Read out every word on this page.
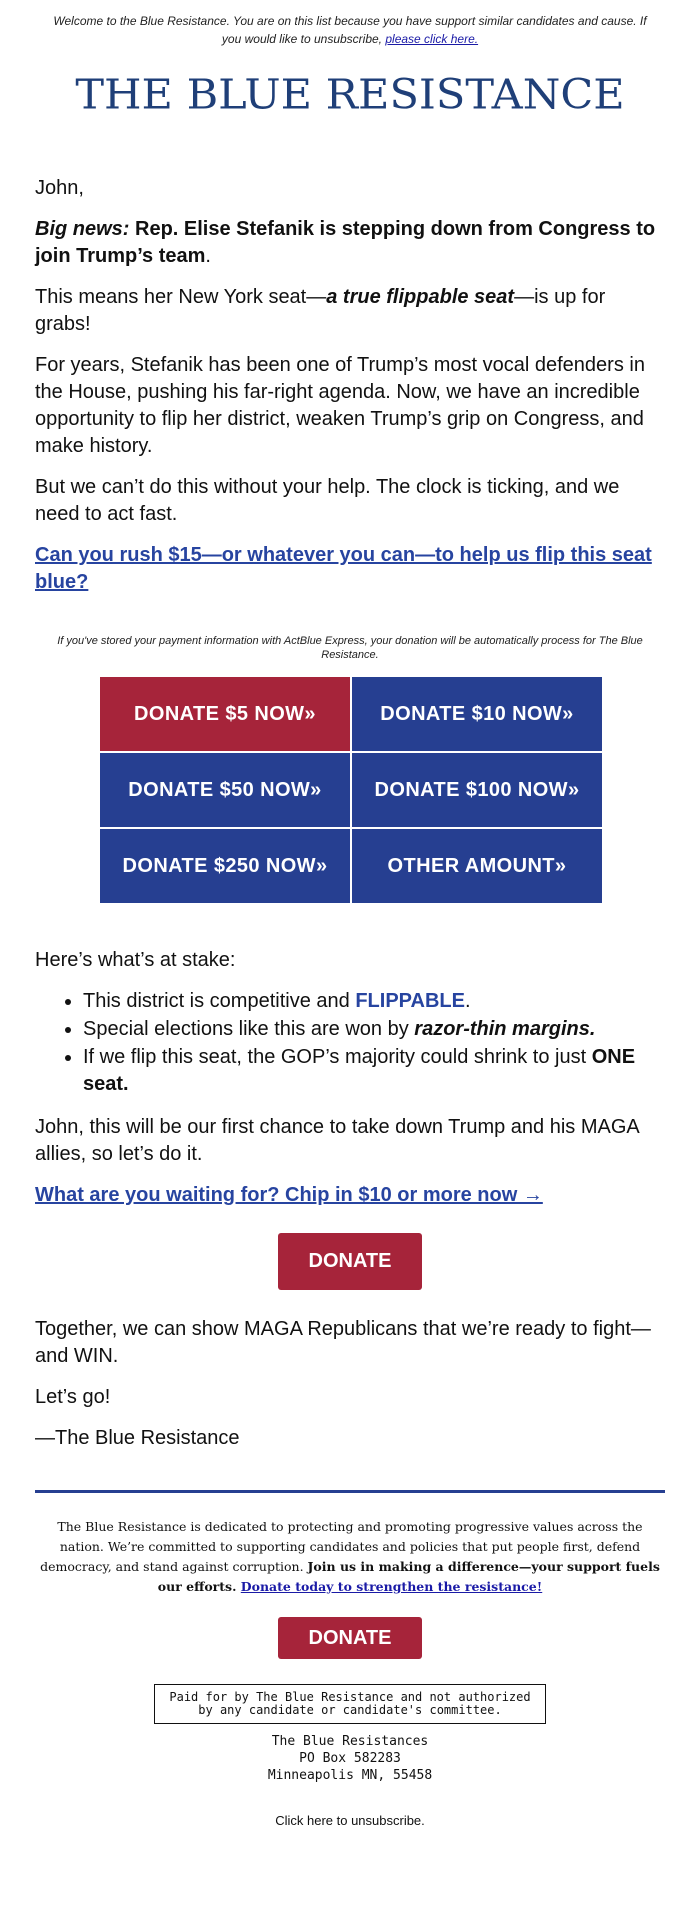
Welcome to the Blue Resistance. You are on this list because you have support similar candidates and cause. If you would like to unsubscribe, please click here.
THE BLUE RESISTANCE

John,

Big news: Rep. Elise Stefanik is stepping down from Congress to join Trump’s team.

This means her New York seat—a true flippable seat—is up for grabs!

For years, Stefanik has been one of Trump’s most vocal defenders in the House, pushing his far-right agenda. Now, we have an incredible opportunity to flip her district, weaken Trump’s grip on Congress, and make history.

But we can’t do this without your help. The clock is ticking, and we need to act fast.

Can you rush $15—or whatever you can—to help us flip this seat blue?

If you've stored your payment information with ActBlue Express, your donation will be automatically process for The Blue Resistance.
DONATE $5 NOW»	DONATE $10 NOW»
DONATE $50 NOW»	DONATE $100 NOW»
DONATE $250 NOW»	OTHER AMOUNT»

Here’s what’s at stake:

• This district is competitive and FLIPPABLE.
• Special elections like this are won by razor-thin margins.
• If we flip this seat, the GOP’s majority could shrink to just ONE seat.

John, this will be our first chance to take down Trump and his MAGA allies, so let’s do it.

What are you waiting for? Chip in $10 or more now →

DONATE

Together, we can show MAGA Republicans that we’re ready to fight—and WIN.

Let’s go!

—The Blue Resistance

The Blue Resistance is dedicated to protecting and promoting progressive values across the nation. We’re committed to supporting candidates and policies that put people first, defend democracy, and stand against corruption. Join us in making a difference—your support fuels our efforts. Donate today to strengthen the resistance!
DONATE
Paid for by The Blue Resistance and not authorized by any candidate or candidate's committee.
The Blue Resistances
PO Box 582283
Minneapolis MN, 55458
Click here to unsubscribe.
